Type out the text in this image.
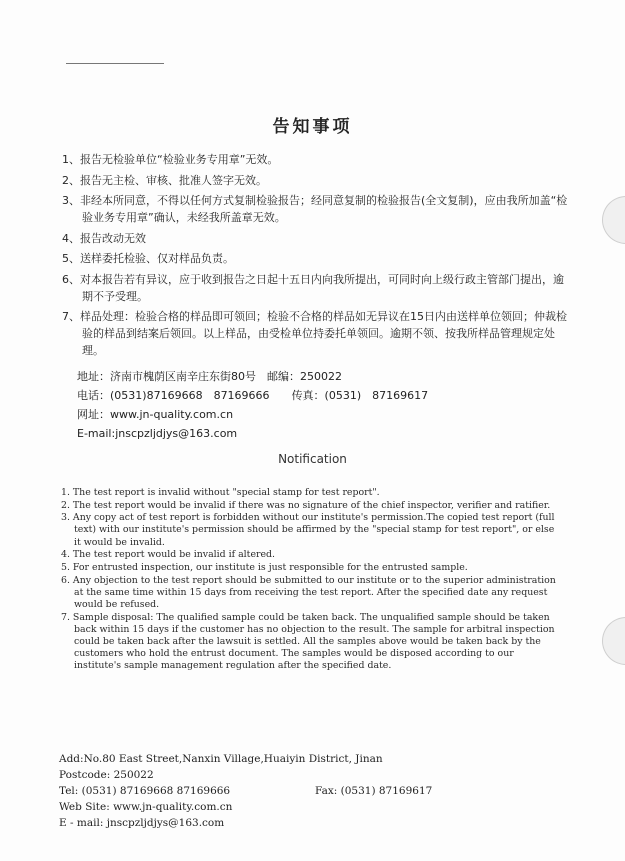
告知事项
1、报告无检验单位“检验业务专用章”无效。
2、报告无主检、审核、批准人签字无效。
3、非经本所同意，不得以任何方式复制检验报告；经同意复制的检验报告(全文复制)，应由我所加盖“检验业务专用章”确认，未经我所盖章无效。
4、报告改动无效
5、送样委托检验、仅对样品负责。
6、对本报告若有异议，应于收到报告之日起十五日内向我所提出，可同时向上级行政主管部门提出，逾期不予受理。
7、样品处理：检验合格的样品即可领回；检验不合格的样品如无异议在15日内由送样单位领回；仲裁检验的样品到结案后领回。以上样品，由受检单位持委托单领回。逾期不领、按我所样品管理规定处理。
地址：济南市槐荫区南辛庄东街80号　 邮编：250022
电话：(0531)87169668　87169666　　 传真：(0531)　87169617
网址：www.jn-quality.com.cn
E-mail:jnscpzljdjys@163.com
Notification
1. The test report is invalid without "special stamp for test report".
2. The test report would be invalid if there was no signature of the chief inspector, verifier and ratifier.
3. Any copy act of test report is forbidden without our institute's permission.The copied test report (full text) with our institute's permission should be affirmed by the "special stamp for test report", or else it would be invalid.
4. The test report would be invalid if altered.
5. For entrusted inspection, our institute is just responsible for the entrusted sample.
6. Any objection to the test report should be submitted to our institute or to the superior administration at the same time within 15 days from receiving the test report. After the specified date any request would be refused.
7. Sample disposal: The qualified sample could be taken back. The unqualified sample should be taken back within 15 days if the customer has no objection to the result. The sample for arbitral inspection could be taken back after the lawsuit is settled. All the samples above would be taken back by the customers who hold the entrust document. The samples would be disposed according to our institute's sample management regulation after the specified date.
Add:No.80 East Street,Nanxin Village,Huaiyin District, Jinan
Postcode: 250022
Tel: (0531) 87169668 87169666	Fax: (0531) 87169617
Web Site: www.jn-quality.com.cn
E - mail: jnscpzljdjys@163.com
